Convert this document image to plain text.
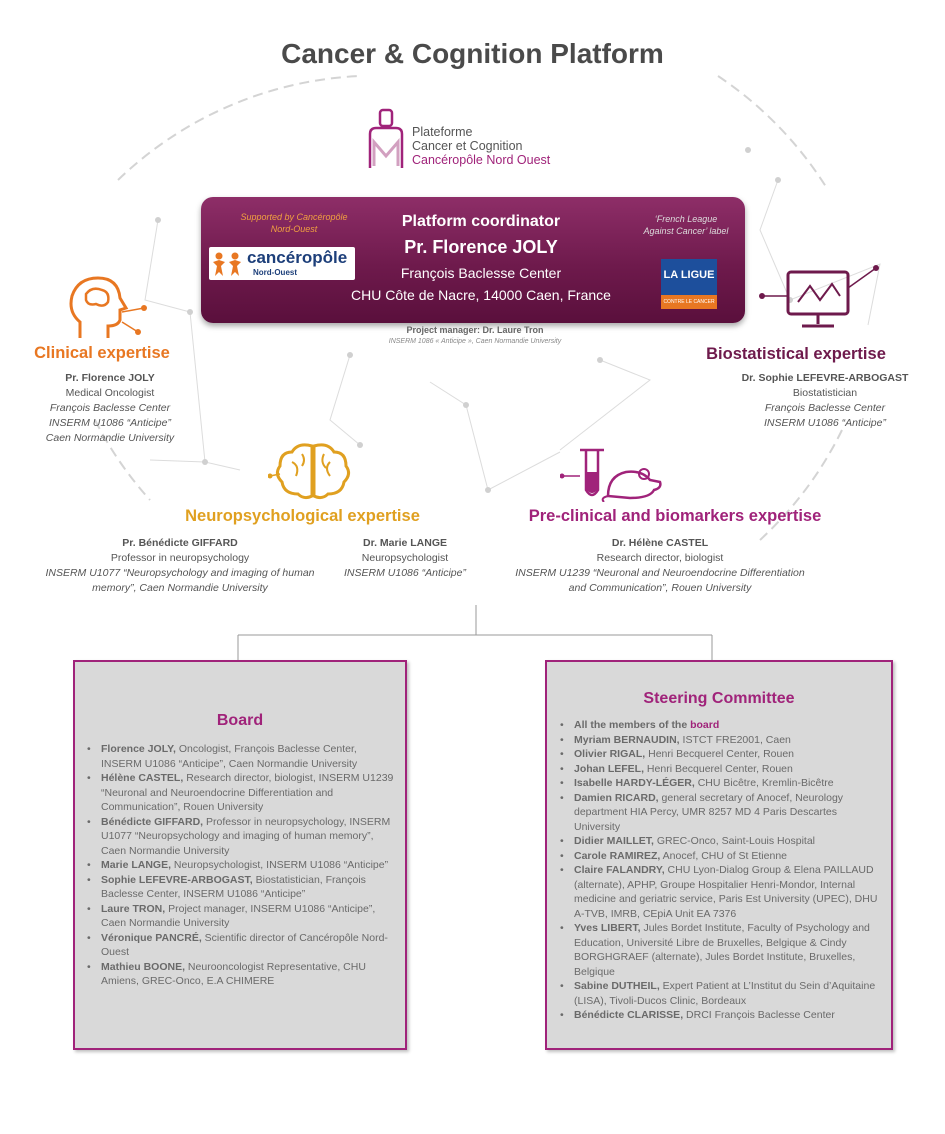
Cancer & Cognition Platform
Plateforme
Cancer et Cognition
Cancéropôle Nord Ouest
Supported by Cancéropôle Nord-Ouest
cancéropôle
Nord-Ouest
Platform coordinator
Pr. Florence JOLY
François Baclesse Center
CHU Côte de Nacre, 14000 Caen, France
‘French League Against Cancer’ label
LA LIGUE
CONTRE LE CANCER
Project manager: Dr. Laure Tron
INSERM 1086 « Anticipe », Caen Normandie University
Clinical expertise
Pr. Florence JOLY
Medical Oncologist
François Baclesse Center
INSERM U1086 “Anticipe”
Caen Normandie University
Biostatistical expertise
Dr. Sophie LEFEVRE-ARBOGAST
Biostatistician
François Baclesse Center
INSERM U1086 “Anticipe”
Neuropsychological expertise
Pr. Bénédicte GIFFARD
Professor in neuropsychology
INSERM U1077 “Neuropsychology and imaging of human
memory”, Caen Normandie University
Dr. Marie LANGE
Neuropsychologist
INSERM U1086 “Anticipe”
Pre-clinical and biomarkers expertise
Dr. Hélène CASTEL
Research director, biologist
INSERM U1239 “Neuronal and Neuroendocrine Differentiation
and Communication”, Rouen University
Board
• Florence JOLY, Oncologist, François Baclesse Center, INSERM U1086 “Anticipe”, Caen Normandie University
• Hélène CASTEL, Research director, biologist, INSERM U1239 “Neuronal and Neuroendocrine Differentiation and Communication”, Rouen University
• Bénédicte GIFFARD, Professor in neuropsychology, INSERM U1077 “Neuropsychology and imaging of human memory”, Caen Normandie University
• Marie LANGE, Neuropsychologist, INSERM U1086 “Anticipe”
• Sophie LEFEVRE-ARBOGAST, Biostatistician, François Baclesse Center, INSERM U1086 “Anticipe”
• Laure TRON, Project manager, INSERM U1086 “Anticipe”, Caen Normandie University
• Véronique PANCRÉ, Scientific director of Cancéropôle Nord-Ouest
• Mathieu BOONE, Neurooncologist Representative, CHU Amiens, GREC-Onco, E.A CHIMERE
Steering Committee
• All the members of the board
• Myriam BERNAUDIN, ISTCT FRE2001, Caen
• Olivier RIGAL, Henri Becquerel Center, Rouen
• Johan LEFEL, Henri Becquerel Center, Rouen
• Isabelle HARDY-LÉGER, CHU Bicêtre, Kremlin-Bicêtre
• Damien RICARD, general secretary of Anocef, Neurology department HIA Percy, UMR 8257 MD 4 Paris Descartes University
• Didier MAILLET, GREC-Onco, Saint-Louis Hospital
• Carole RAMIREZ, Anocef, CHU of St Etienne
• Claire FALANDRY, CHU Lyon-Dialog Group & Elena PAILLAUD (alternate), APHP, Groupe Hospitalier Henri-Mondor, Internal medicine and geriatric service, Paris Est University (UPEC), DHU A-TVB, IMRB, CEpiA Unit EA 7376
• Yves LIBERT, Jules Bordet Institute, Faculty of Psychology and Education, Université Libre de Bruxelles, Belgique & Cindy BORGHGRAEF (alternate), Jules Bordet Institute, Bruxelles, Belgique
• Sabine DUTHEIL, Expert Patient at L’Institut du Sein d’Aquitaine (LISA), Tivoli-Ducos Clinic, Bordeaux
• Bénédicte CLARISSE, DRCI François Baclesse Center
